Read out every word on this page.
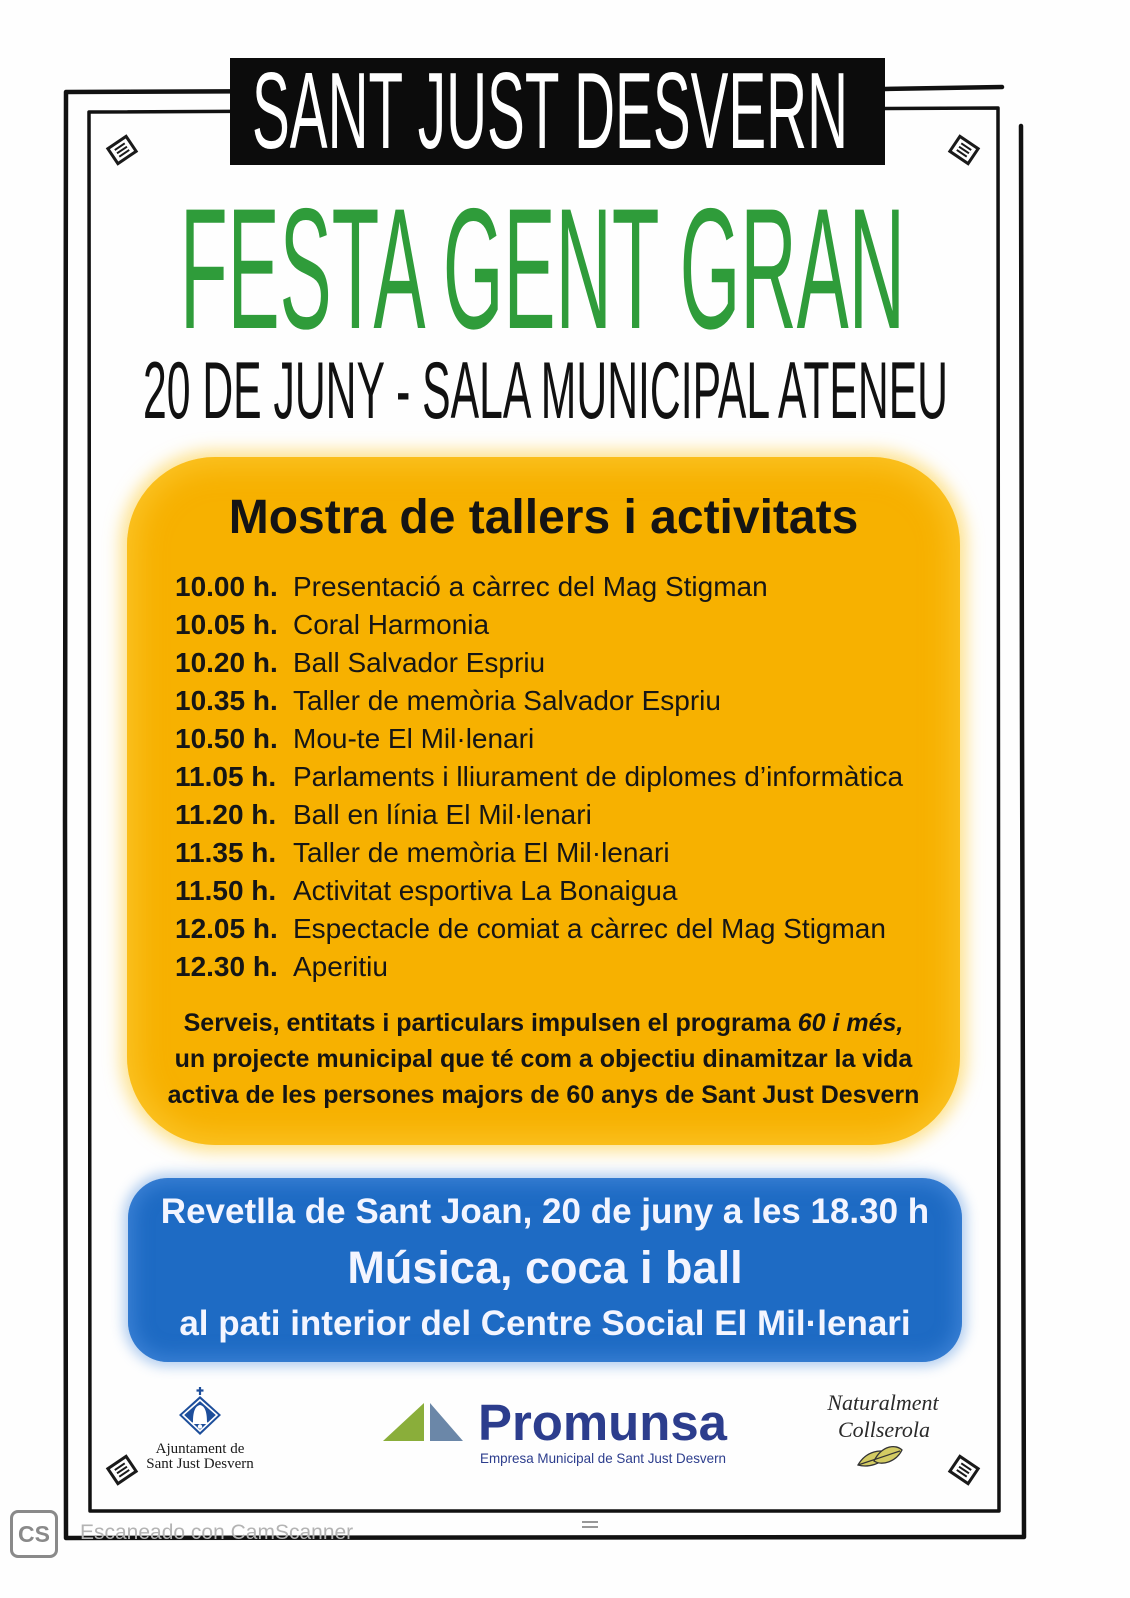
SANT JUST DESVERN
FESTA GENT GRAN
20 DE JUNY - SALA MUNICIPAL ATENEU
Mostra de tallers i activitats
10.00 h. Presentació a càrrec del Mag Stigman
10.05 h. Coral Harmonia
10.20 h. Ball Salvador Espriu
10.35 h. Taller de memòria Salvador Espriu
10.50 h. Mou-te El Mil·lenari
11.05 h. Parlaments i lliurament de diplomes d’informàtica
11.20 h. Ball en línia El Mil·lenari
11.35 h. Taller de memòria El Mil·lenari
11.50 h. Activitat esportiva La Bonaigua
12.05 h. Espectacle de comiat a càrrec del Mag Stigman
12.30 h. Aperitiu
Serveis, entitats i particulars impulsen el programa 60 i més,
un projecte municipal que té com a objectiu dinamitzar la vida
activa de les persones majors de 60 anys de Sant Just Desvern
Revetlla de Sant Joan, 20 de juny a les 18.30 h
Música, coca i ball
al pati interior del Centre Social El Mil·lenari
Ajuntament de
Sant Just Desvern
Promunsa
Empresa Municipal de Sant Just Desvern
Naturalment
Collserola
CS	Escaneado con CamScanner
